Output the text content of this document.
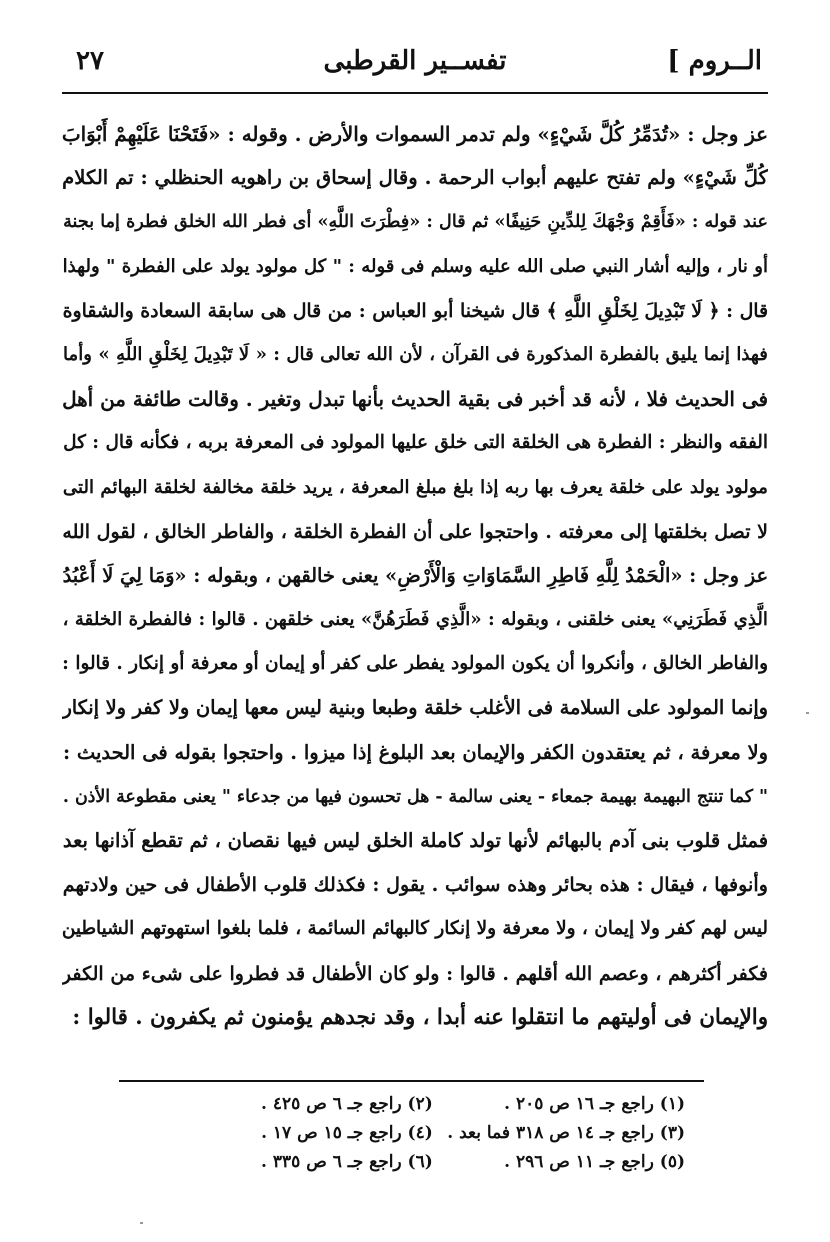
٢٧	تفســير القرطبى	الــروم ]
عز وجل : «تُدَمِّرُ كُلَّ شَيْءٍ» ولم تدمر السموات والأرض . وقوله : «فَتَحْنَا عَلَيْهِمْ أَبْوَابَ
كُلِّ شَيْءٍ» ولم تفتح عليهم أبواب الرحمة . وقال إسحاق بن راهويه الحنظلي : تم الكلام
عند قوله : «فَأَقِمْ وَجْهَكَ لِلدِّينِ حَنِيفًا» ثم قال : «فِطْرَتَ اللَّهِ» أى فطر الله الخلق فطرة إما بجنة
أو نار ، وإليه أشار النبي صلى الله عليه وسلم فى قوله : " كل مولود يولد على الفطرة " ولهذا
قال : ﴿ لَا تَبْدِيلَ لِخَلْقِ اللَّهِ ﴾ قال شيخنا أبو العباس : من قال هى سابقة السعادة والشقاوة
فهذا إنما يليق بالفطرة المذكورة فى القرآن ، لأن الله تعالى قال : « لَا تَبْدِيلَ لِخَلْقِ اللَّهِ » وأما
فى الحديث فلا ، لأنه قد أخبر فى بقية الحديث بأنها تبدل وتغير . وقالت طائفة من أهل
الفقه والنظر : الفطرة هى الخلقة التى خلق عليها المولود فى المعرفة بربه ، فكأنه قال : كل
مولود يولد على خلقة يعرف بها ربه إذا بلغ مبلغ المعرفة ، يريد خلقة مخالفة لخلقة البهائم التى
لا تصل بخلقتها إلى معرفته . واحتجوا على أن الفطرة الخلقة ، والفاطر الخالق ، لقول الله
عز وجل : «الْحَمْدُ لِلَّهِ فَاطِرِ السَّمَاوَاتِ وَالْأَرْضِ» يعنى خالقهن ، وبقوله : «وَمَا لِيَ لَا أَعْبُدُ
الَّذِي فَطَرَنِي» يعنى خلقنى ، وبقوله : «الَّذِي فَطَرَهُنَّ» يعنى خلقهن . قالوا : فالفطرة الخلقة ،
والفاطر الخالق ، وأنكروا أن يكون المولود يفطر على كفر أو إيمان أو معرفة أو إنكار . قالوا :
وإنما المولود على السلامة فى الأغلب خلقة وطبعا وبنية ليس معها إيمان ولا كفر ولا إنكار
ولا معرفة ، ثم يعتقدون الكفر والإيمان بعد البلوغ إذا ميزوا . واحتجوا بقوله فى الحديث :
" كما تنتج البهيمة بهيمة جمعاء - يعنى سالمة - هل تحسون فيها من جدعاء " يعنى مقطوعة الأذن .
فمثل قلوب بنى آدم بالبهائم لأنها تولد كاملة الخلق ليس فيها نقصان ، ثم تقطع آذانها بعد
وأنوفها ، فيقال : هذه بحائر وهذه سوائب . يقول : فكذلك قلوب الأطفال فى حين ولادتهم
ليس لهم كفر ولا إيمان ، ولا معرفة ولا إنكار كالبهائم السائمة ، فلما بلغوا استهوتهم الشياطين
فكفر أكثرهم ، وعصم الله أقلهم . قالوا : ولو كان الأطفال قد فطروا على شىء من الكفر
والإيمان فى أوليتهم ما انتقلوا عنه أبدا ، وقد نجدهم يؤمنون ثم يكفرون . قالوا :
(١) راجع جـ ١٦ ص ٢٠٥ .
(٢) راجع جـ ٦ ص ٤٢٥ .
(٣) راجع جـ ١٤ ص ٣١٨ فما بعد .
(٤) راجع جـ ١٥ ص ١٧ .
(٥) راجع جـ ١١ ص ٢٩٦ .
(٦) راجع جـ ٦ ص ٣٣٥ .
